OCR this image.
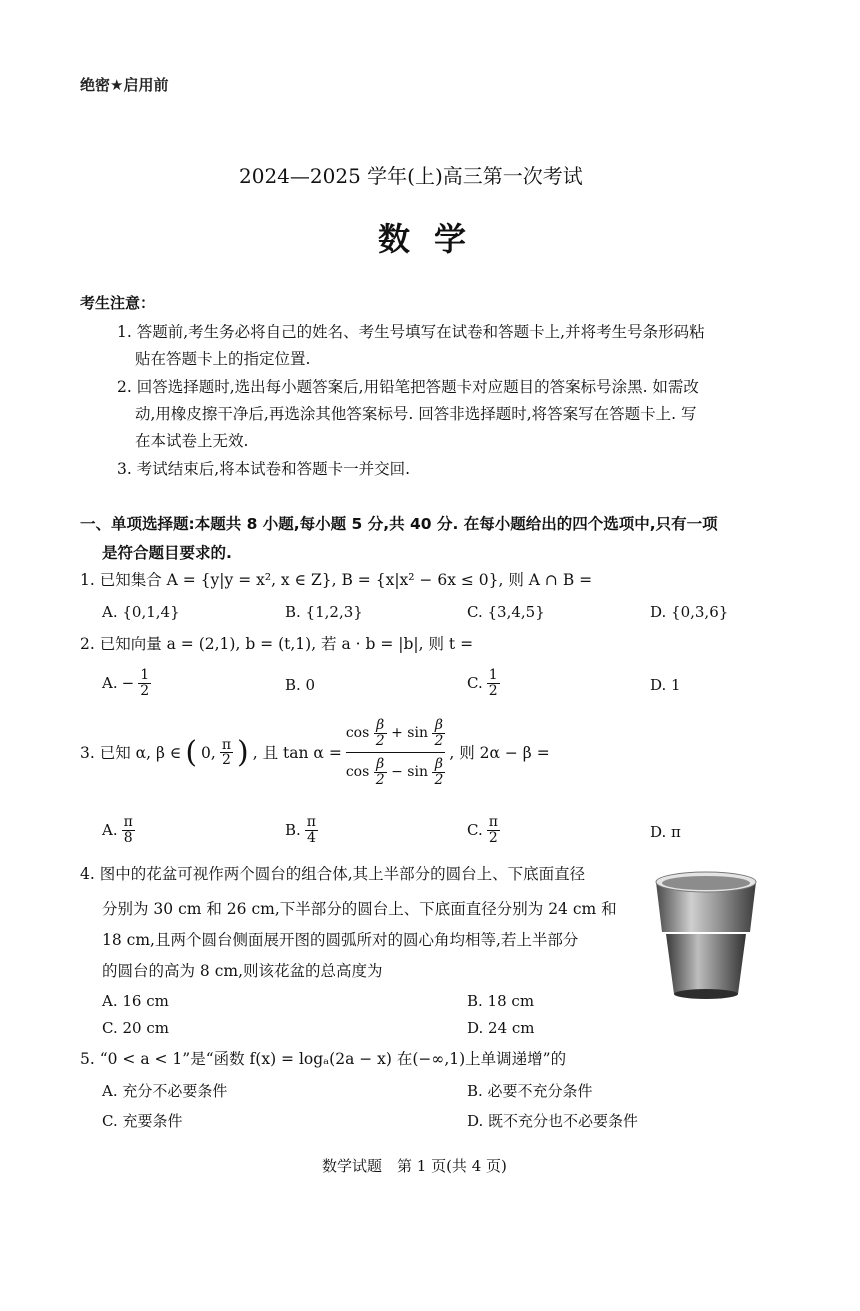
绝密★启用前
2024—2025 学年(上)高三第一次考试
数学
考生注意：
1. 答题前,考生务必将自己的姓名、考生号填写在试卷和答题卡上,并将考生号条形码粘
贴在答题卡上的指定位置.
2. 回答选择题时,选出每小题答案后,用铅笔把答题卡对应题目的答案标号涂黑. 如需改
动,用橡皮擦干净后,再选涂其他答案标号. 回答非选择题时,将答案写在答题卡上. 写
在本试卷上无效.
3. 考试结束后,将本试卷和答题卡一并交回.
一、单项选择题:本题共 8 小题,每小题 5 分,共 40 分. 在每小题给出的四个选项中,只有一项
是符合题目要求的.
1. 已知集合 A = {y|y = x², x ∈ Z}, B = {x|x² − 6x ≤ 0}, 则 A ∩ B =
A. {0,1,4}	B. {1,2,3}	C. {3,4,5}	D. {0,3,6}
2. 已知向量 a = (2,1), b = (t,1), 若 a · b = |b|, 则 t =
A. − $\frac{1}{2}$	B. 0	C. $\frac{1}{2}$	D. 1
3. 已知 α, β ∈ ( 0, $\frac{\pi}{2}$ ) , 且 tan α =
cos
$\frac{\beta}{2}$
+
sin
$\frac{\beta}{2}$
cos
$\frac{\beta}{2}$
−
sin
$\frac{\beta}{2}$
, 则 2α − β =
A. $\frac{\pi}{8}$	B. $\frac{\pi}{4}$	C. $\frac{\pi}{2}$	D. π
4. 图中的花盆可视作两个圆台的组合体,其上半部分的圆台上、下底面直径
分别为 30 cm 和 26 cm,下半部分的圆台上、下底面直径分别为 24 cm 和
18 cm,且两个圆台侧面展开图的圆弧所对的圆心角均相等,若上半部分
的圆台的高为 8 cm,则该花盆的总高度为
A. 16 cm	B. 18 cm
C. 20 cm	D. 24 cm
5. “0 < a < 1”是“函数 f(x) = logₐ(2a − x) 在(−∞,1)上单调递增”的
A. 充分不必要条件	B. 必要不充分条件
C. 充要条件	D. 既不充分也不必要条件
数学试题　第 1 页(共 4 页)
